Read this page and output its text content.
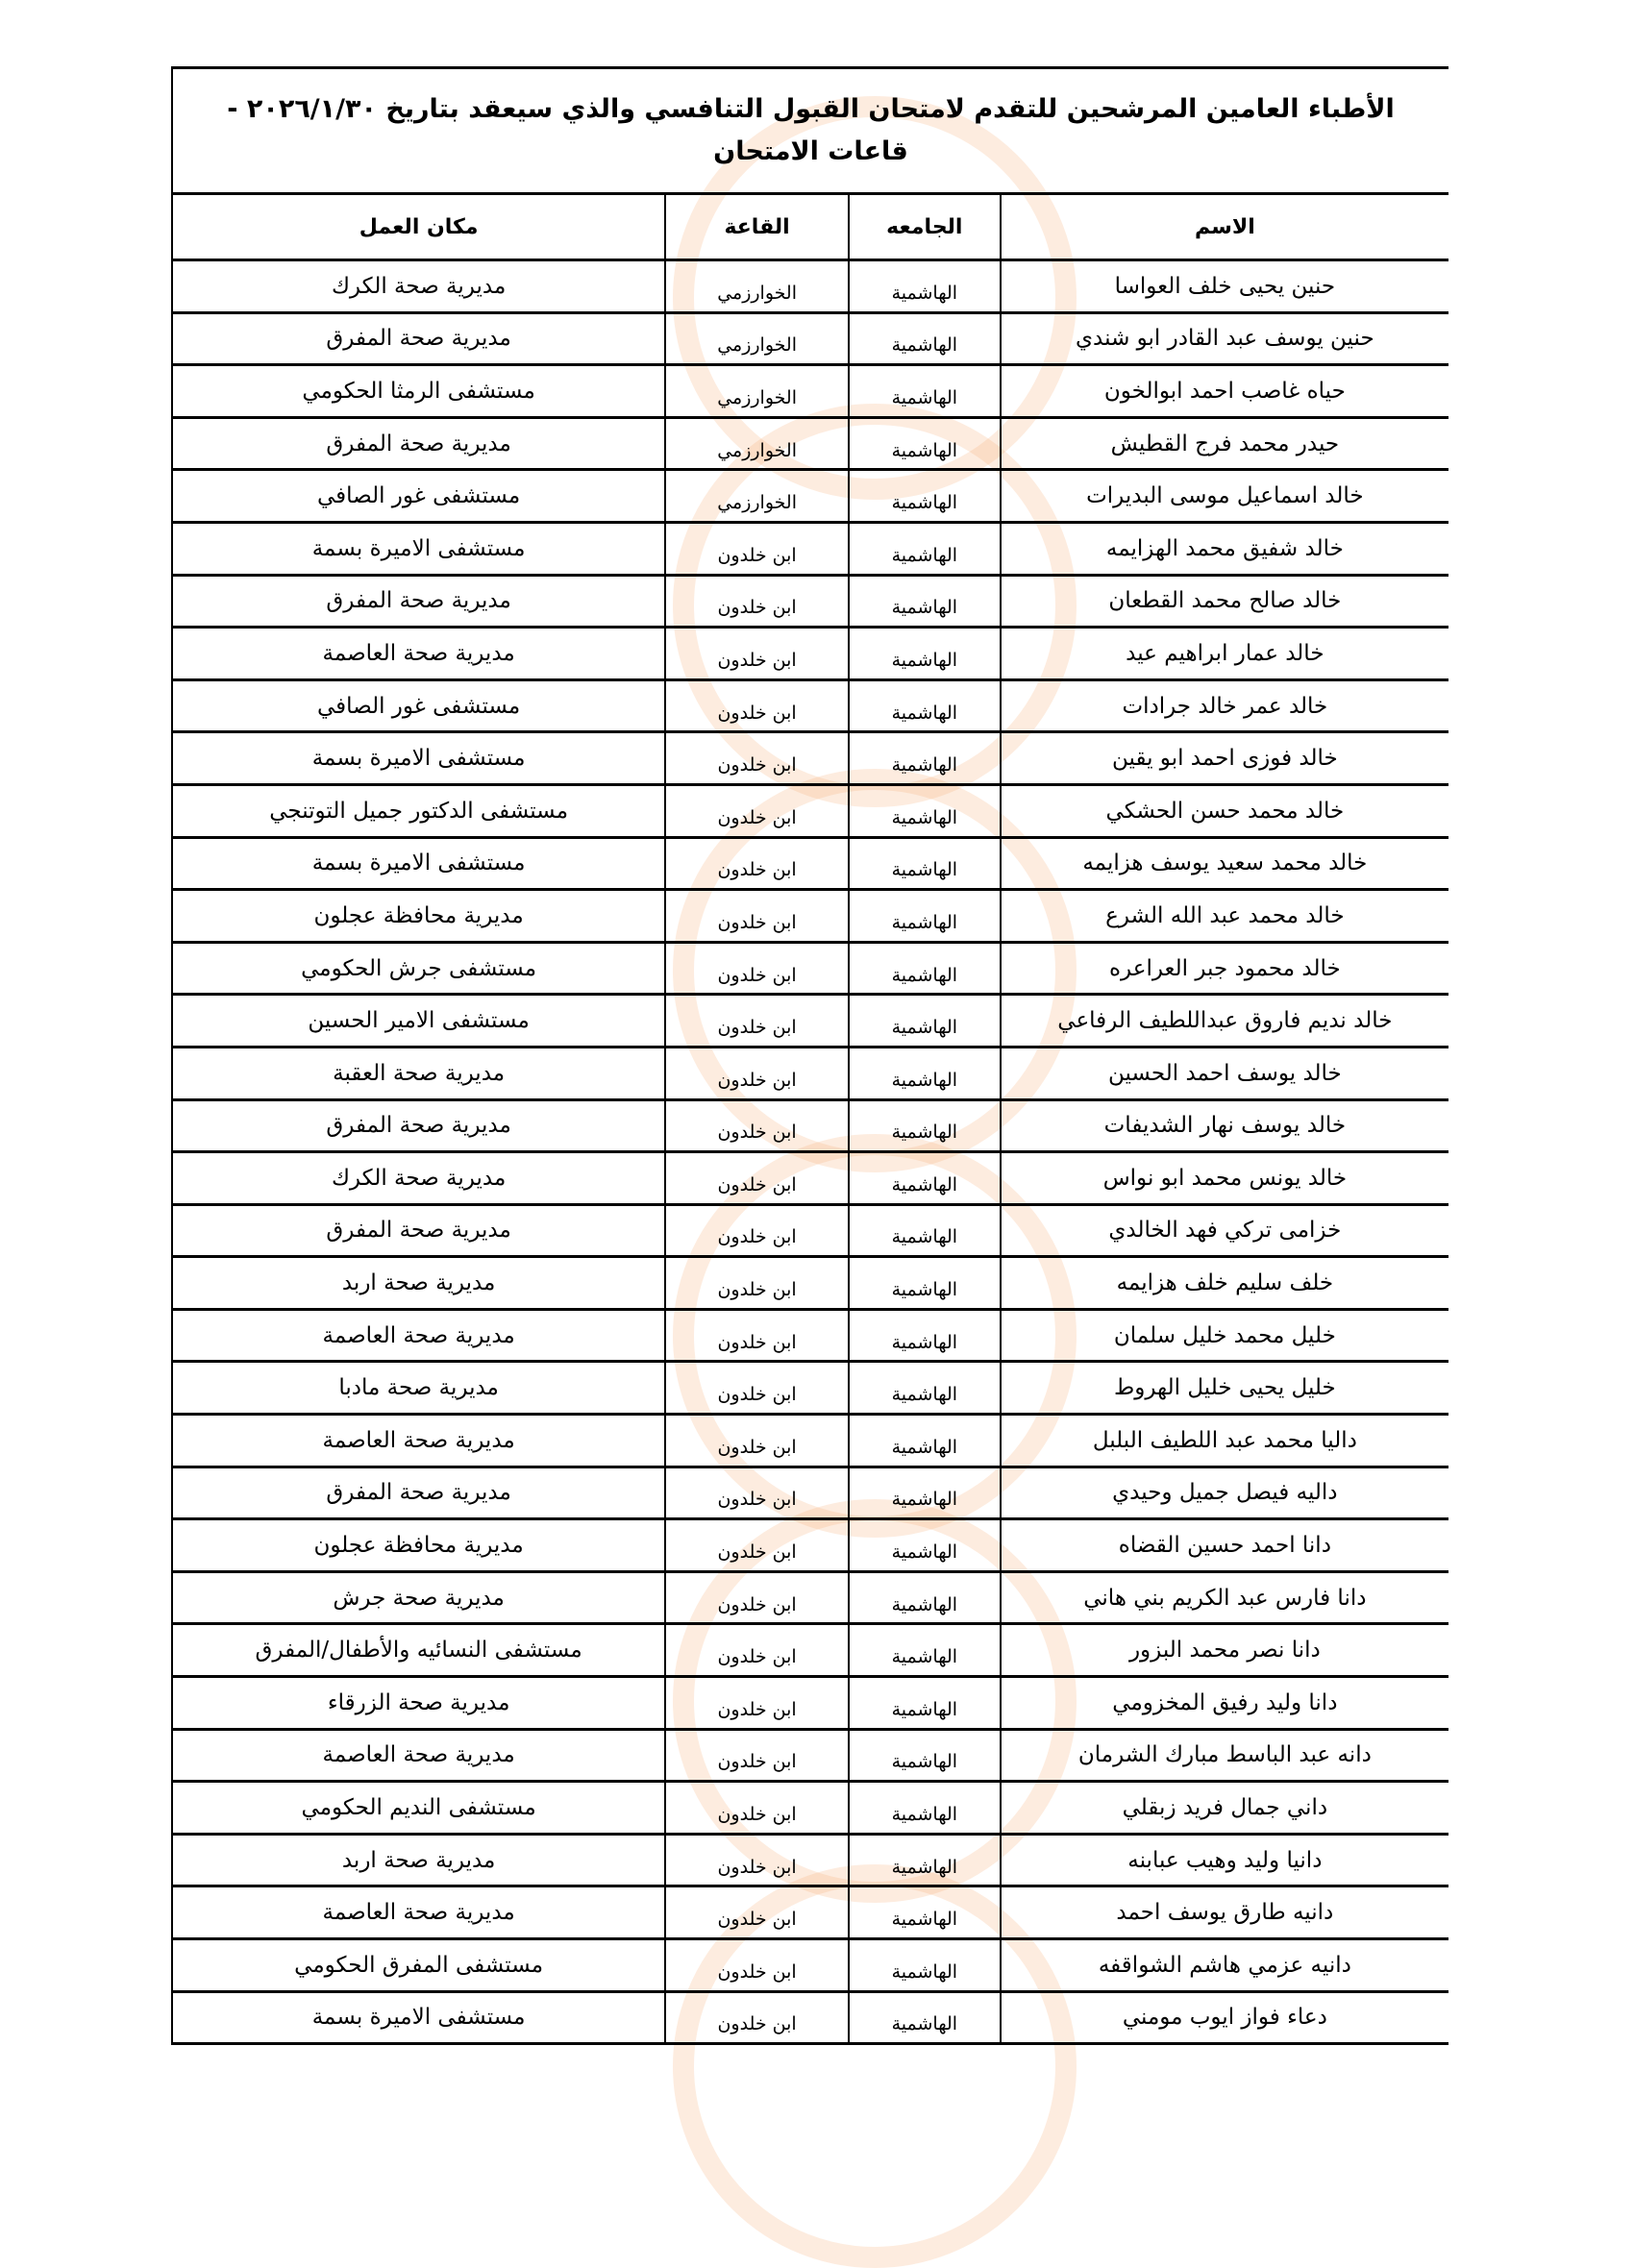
الأطباء العامين المرشحين للتقدم لامتحان القبول التنافسي والذي سيعقد بتاريخ ٢٠٢٦/١/٣٠ - قاعات الامتحان
الاسم
الجامعه
القاعة
مكان العمل
حنين يحيى خلف العواسا
الهاشمية
الخوارزمي
مديرية صحة الكرك
حنين يوسف عبد القادر ابو شندي
الهاشمية
الخوارزمي
مديرية صحة المفرق
حياه غاصب احمد ابوالخون
الهاشمية
الخوارزمي
مستشفى الرمثا الحكومي
حيدر محمد فرج القطيش
الهاشمية
الخوارزمي
مديرية صحة المفرق
خالد اسماعيل موسى البديرات
الهاشمية
الخوارزمي
مستشفى غور الصافي
خالد شفيق محمد الهزايمه
الهاشمية
ابن خلدون
مستشفى الاميرة بسمة
خالد صالح محمد القطعان
الهاشمية
ابن خلدون
مديرية صحة المفرق
خالد عمار ابراهيم عيد
الهاشمية
ابن خلدون
مديرية صحة العاصمة
خالد عمر خالد جرادات
الهاشمية
ابن خلدون
مستشفى غور الصافي
خالد فوزى احمد ابو يقين
الهاشمية
ابن خلدون
مستشفى الاميرة بسمة
خالد محمد حسن الحشكي
الهاشمية
ابن خلدون
مستشفى الدكتور جميل التوتنجي
خالد محمد سعيد يوسف هزايمه
الهاشمية
ابن خلدون
مستشفى الاميرة بسمة
خالد محمد عبد الله الشرع
الهاشمية
ابن خلدون
مديرية محافظة عجلون
خالد محمود جبر العراعره
الهاشمية
ابن خلدون
مستشفى جرش الحكومي
خالد نديم فاروق عبداللطيف الرفاعي
الهاشمية
ابن خلدون
مستشفى الامير الحسين
خالد يوسف احمد الحسين
الهاشمية
ابن خلدون
مديرية صحة العقبة
خالد يوسف نهار الشديفات
الهاشمية
ابن خلدون
مديرية صحة المفرق
خالد يونس محمد ابو نواس
الهاشمية
ابن خلدون
مديرية صحة الكرك
خزامى تركي فهد الخالدي
الهاشمية
ابن خلدون
مديرية صحة المفرق
خلف سليم خلف هزايمه
الهاشمية
ابن خلدون
مديرية صحة اربد
خليل محمد خليل سلمان
الهاشمية
ابن خلدون
مديرية صحة العاصمة
خليل يحيى خليل الهروط
الهاشمية
ابن خلدون
مديرية صحة مادبا
داليا محمد عبد اللطيف البلبل
الهاشمية
ابن خلدون
مديرية صحة العاصمة
داليه فيصل جميل وحيدي
الهاشمية
ابن خلدون
مديرية صحة المفرق
دانا احمد حسين القضاه
الهاشمية
ابن خلدون
مديرية محافظة عجلون
دانا فارس عبد الكريم بني هاني
الهاشمية
ابن خلدون
مديرية صحة جرش
دانا نصر محمد البزور
الهاشمية
ابن خلدون
مستشفى النسائيه والأطفال/المفرق
دانا وليد رفيق المخزومي
الهاشمية
ابن خلدون
مديرية صحة الزرقاء
دانه عبد الباسط مبارك الشرمان
الهاشمية
ابن خلدون
مديرية صحة العاصمة
داني جمال فريد زبقلي
الهاشمية
ابن خلدون
مستشفى النديم الحكومي
دانيا وليد وهيب عبابنه
الهاشمية
ابن خلدون
مديرية صحة اربد
دانيه طارق يوسف احمد
الهاشمية
ابن خلدون
مديرية صحة العاصمة
دانيه عزمي هاشم الشواقفه
الهاشمية
ابن خلدون
مستشفى المفرق الحكومي
دعاء فواز ايوب مومني
الهاشمية
ابن خلدون
مستشفى الاميرة بسمة
